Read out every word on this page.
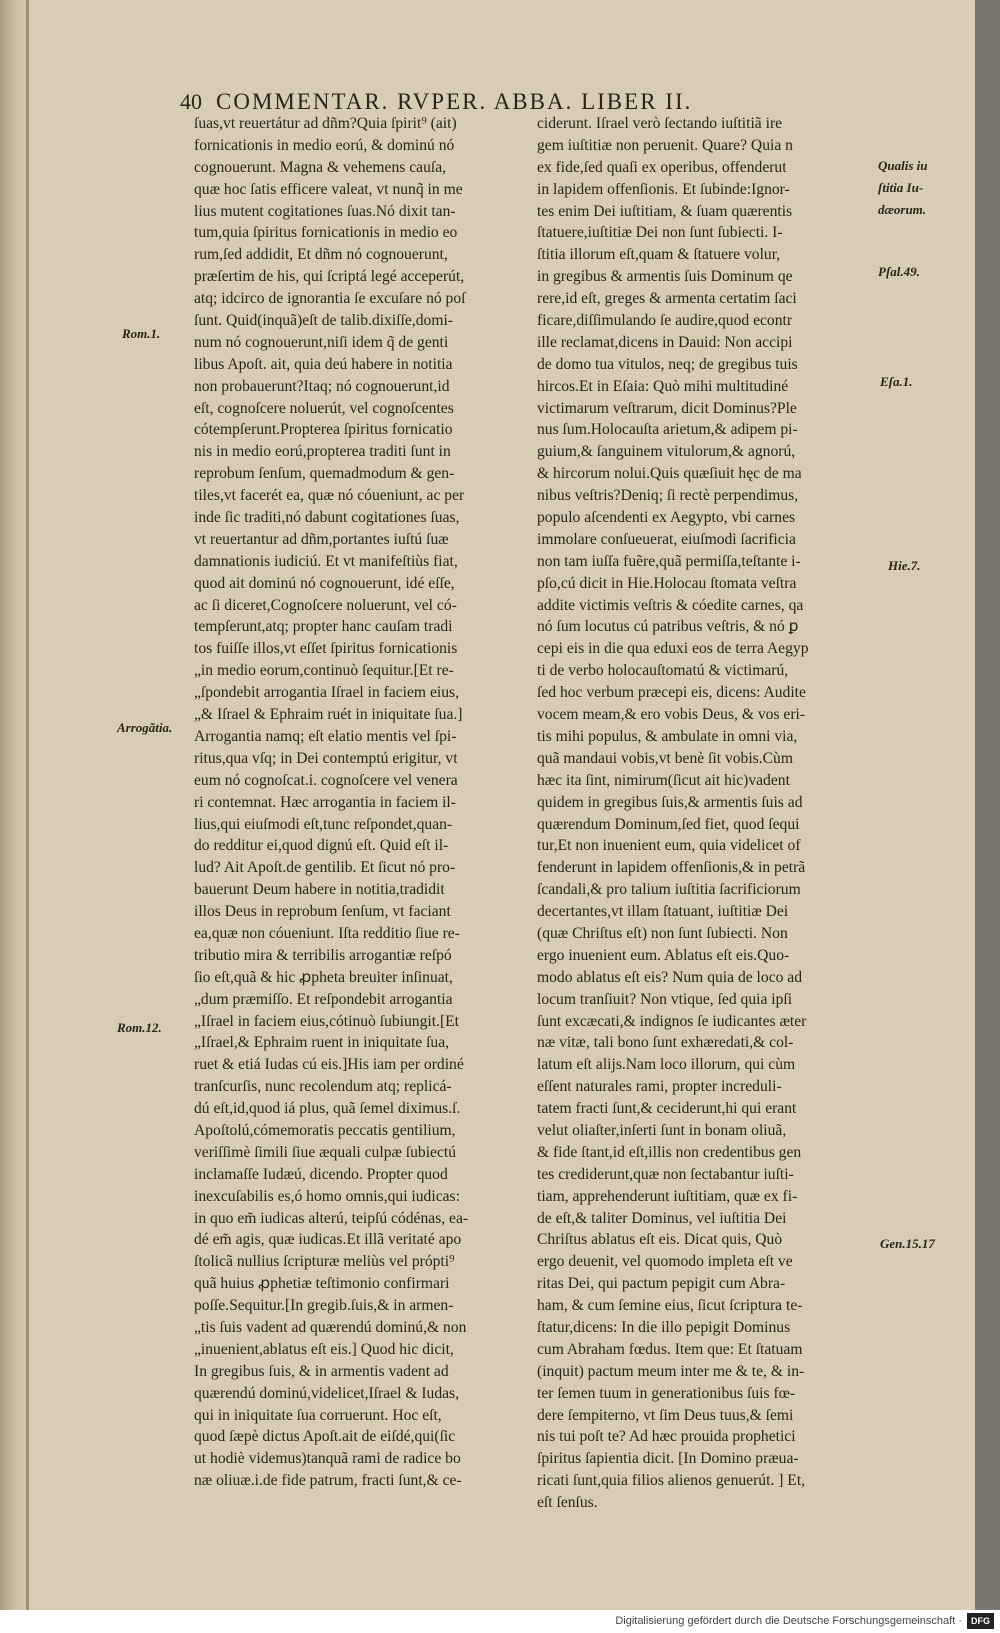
40 COMMENTAR. RVPER. ABBA. LIBER II.
ſuas,vt reuertátur ad dñm?Quia ſpirit⁹ (ait)
fornicationis in medio eorú, & dominú nó
cognouerunt. Magna & vehemens cauſa,
quæ hoc ſatis efficere valeat, vt nunq̃ in me
lius mutent cogitationes ſuas.Nó dixit tan-
tum,quia ſpiritus fornicationis in medio eo
rum,ſed addidit, Et dñm nó cognouerunt,
præſertim de his, qui ſcriptá legé acceperút,
atq; idcirco de ignorantia ſe excuſare nó poſ
ſunt. Quid(inquã)eſt de talib.dixiſſe,domi-
num nó cognouerunt,niſi idem q̃ de genti
libus Apoſt. ait, quia deú habere in notitia
non probauerunt?Itaq; nó cognouerunt,id
eſt, cognoſcere noluerút, vel cognoſcentes
cótempſerunt.Propterea ſpiritus fornicatio
nis in medio eorú,propterea traditi ſunt in
reprobum ſenſum, quemadmodum & gen-
tiles,vt facerét ea, quæ nó cóueniunt, ac per
inde ſic traditi,nó dabunt cogitationes ſuas,
vt reuertantur ad dñm,portantes iuſtú ſuæ
damnationis iudiciú. Et vt manifeſtiùs fiat,
quod ait dominú nó cognouerunt, idé eſſe,
ac ſi diceret,Cognoſcere noluerunt, vel có-
tempſerunt,atq; propter hanc cauſam tradi
tos fuiſſe illos,vt eſſet ſpiritus fornicationis
„in medio eorum,continuò ſequitur.[Et re-
„ſpondebit arrogantia Iſrael in faciem eius,
„& Iſrael & Ephraim ruét in iniquitate ſua.]
Arrogantia namq; eſt elatio mentis vel ſpi-
ritus,qua vſq; in Dei contemptú erigitur, vt
eum nó cognoſcat.i. cognoſcere vel venera
ri contemnat. Hæc arrogantia in faciem il-
lius,qui eiuſmodi eſt,tunc reſpondet,quan-
do redditur ei,quod dignú eſt. Quid eſt il-
lud? Ait Apoſt.de gentilib. Et ſicut nó pro-
bauerunt Deum habere in notitia,tradidit
illos Deus in reprobum ſenſum, vt faciant
ea,quæ non cóueniunt. Iſta redditio ſiue re-
tributio mira & terribilis arrogantiæ reſpó
ſio eſt,quã & hic ꝓpheta breuiter inſinuat,
„dum præmiſſo. Et reſpondebit arrogantia
„Iſrael in faciem eius,cótinuò ſubiungit.[Et
„Iſrael,& Ephraim ruent in iniquitate ſua,
ruet & etiá Iudas cú eis.]His iam per ordiné
tranſcurſis, nunc recolendum atq; replicá-
dú eſt,id,quod iá plus, quã ſemel diximus.ſ.
Apoſtolú,cómemoratis peccatis gentilium,
veriſſimè ſimili ſiue æquali culpæ ſubiectú
inclamaſſe Iudæú, dicendo. Propter quod
inexcuſabilis es,ó homo omnis,qui iudicas:
in quo em̃ iudicas alterú, teipſú códénas, ea-
dé em̃ agis, quæ iudicas.Et illã veritaté apo
ſtolicã nullius ſcripturæ meliùs vel própti⁹
quã huius ꝓphetiæ teſtimonio confirmari
poſſe.Sequitur.[In gregib.ſuis,& in armen-
„tis ſuis vadent ad quærendú dominú,& non
„inuenient,ablatus eſt eis.] Quod hic dicit,
In gregibus ſuis, & in armentis vadent ad
quærendú dominú,videlicet,Iſrael & Iudas,
qui in iniquitate ſua corruerunt. Hoc eſt,
quod ſæpè dictus Apoſt.ait de eiſdé,qui(ſic
ut hodiè videmus)tanquã rami de radice bo
næ oliuæ.i.de fide patrum, fracti ſunt,& ce-
ciderunt. Iſrael verò ſectando iuſtitiã ire
gem iuſtitiæ non peruenit. Quare? Quia n
ex fide,ſed quaſi ex operibus, offenderut
in lapidem offenſionis. Et ſubinde:Ignor-
tes enim Dei iuſtitiam, & ſuam quærentis
ſtatuere,iuſtitiæ Dei non ſunt ſubiecti. I-
ſtitia illorum eſt,quam & ſtatuere volur,
in gregibus & armentis ſuis Dominum qe
rere,id eſt, greges & armenta certatim ſaci
ficare,diſſimulando ſe audire,quod econtr
ille reclamat,dicens in Dauid: Non accipi
de domo tua vitulos, neq; de gregibus tuis
hircos.Et in Eſaia: Quò mihi multitudiné
victimarum veſtrarum, dicit Dominus?Ple
nus ſum.Holocauſta arietum,& adipem pi-
guium,& ſanguinem vitulorum,& agnorú,
& hircorum nolui.Quis quæſiuit hęc de ma
nibus veſtris?Deniq; ſi rectè perpendimus,
populo aſcendenti ex Aegypto, vbi carnes
immolare conſueuerat, eiuſmodi ſacrificia
non tam iuſſa fuẽre,quã permiſſa,teſtante i-
pſo,cú dicit in Hie.Holocau ſtomata veſtra
addite victimis veſtris & cóedite carnes, qa
nó ſum locutus cú patribus veſtris, & nó ꝑ
cepi eis in die qua eduxi eos de terra Aegyp
ti de verbo holocauſtomatú & victimarú,
ſed hoc verbum præcepi eis, dicens: Audite
vocem meam,& ero vobis Deus, & vos eri-
tis mihi populus, & ambulate in omni via,
quã mandaui vobis,vt benè ſit vobis.Cùm
hæc ita ſint, nimirum(ſicut ait hic)vadent
quidem in gregibus ſuis,& armentis ſuis ad
quærendum Dominum,ſed fiet, quod ſequi
tur,Et non inuenient eum, quia videlicet of
fenderunt in lapidem offenſionis,& in petrã
ſcandali,& pro talium iuſtitia ſacrificiorum
decertantes,vt illam ſtatuant, iuſtitiæ Dei
(quæ Chriſtus eſt) non ſunt ſubiecti. Non
ergo inuenient eum. Ablatus eſt eis.Quo-
modo ablatus eſt eis? Num quia de loco ad
locum tranſiuit? Non vtique, ſed quia ipſi
ſunt excæcati,& indignos ſe iudicantes æter
næ vitæ, tali bono ſunt exhæredati,& col-
latum eſt alijs.Nam loco illorum, qui cùm
eſſent naturales rami, propter increduli-
tatem fracti ſunt,& ceciderunt,hi qui erant
velut oliaſter,inſerti ſunt in bonam oliuã,
& fide ſtant,id eſt,illis non credentibus gen
tes crediderunt,quæ non ſectabantur iuſti-
tiam, apprehenderunt iuſtitiam, quæ ex fi-
de eſt,& taliter Dominus, vel iuſtitia Dei
Chriſtus ablatus eſt eis. Dicat quis, Quò
ergo deuenit, vel quomodo impleta eſt ve
ritas Dei, qui pactum pepigit cum Abra-
ham, & cum ſemine eius, ſicut ſcriptura te-
ſtatur,dicens: In die illo pepigit Dominus
cum Abraham fœdus. Item que: Et ſtatuam
(inquit) pactum meum inter me & te, & in-
ter ſemen tuum in generationibus ſuis fœ-
dere ſempiterno, vt ſim Deus tuus,& ſemi
nis tui poſt te? Ad hæc prouida prophetici
ſpiritus ſapientia dicit. [In Domino præua-
ricati ſunt,quia filios alienos genuerút. ] Et,
eſt ſenſus.
Rom.1.
Arrogãtia.
Rom.12.
Qualis iu
ſtitia Iu-
dæorum.
Pſal.49.
Eſa.1.
Hie.7.
Gen.15.17
Digitalisierung gefördert durch die Deutsche Forschungsgemeinschaft ·	DFG
